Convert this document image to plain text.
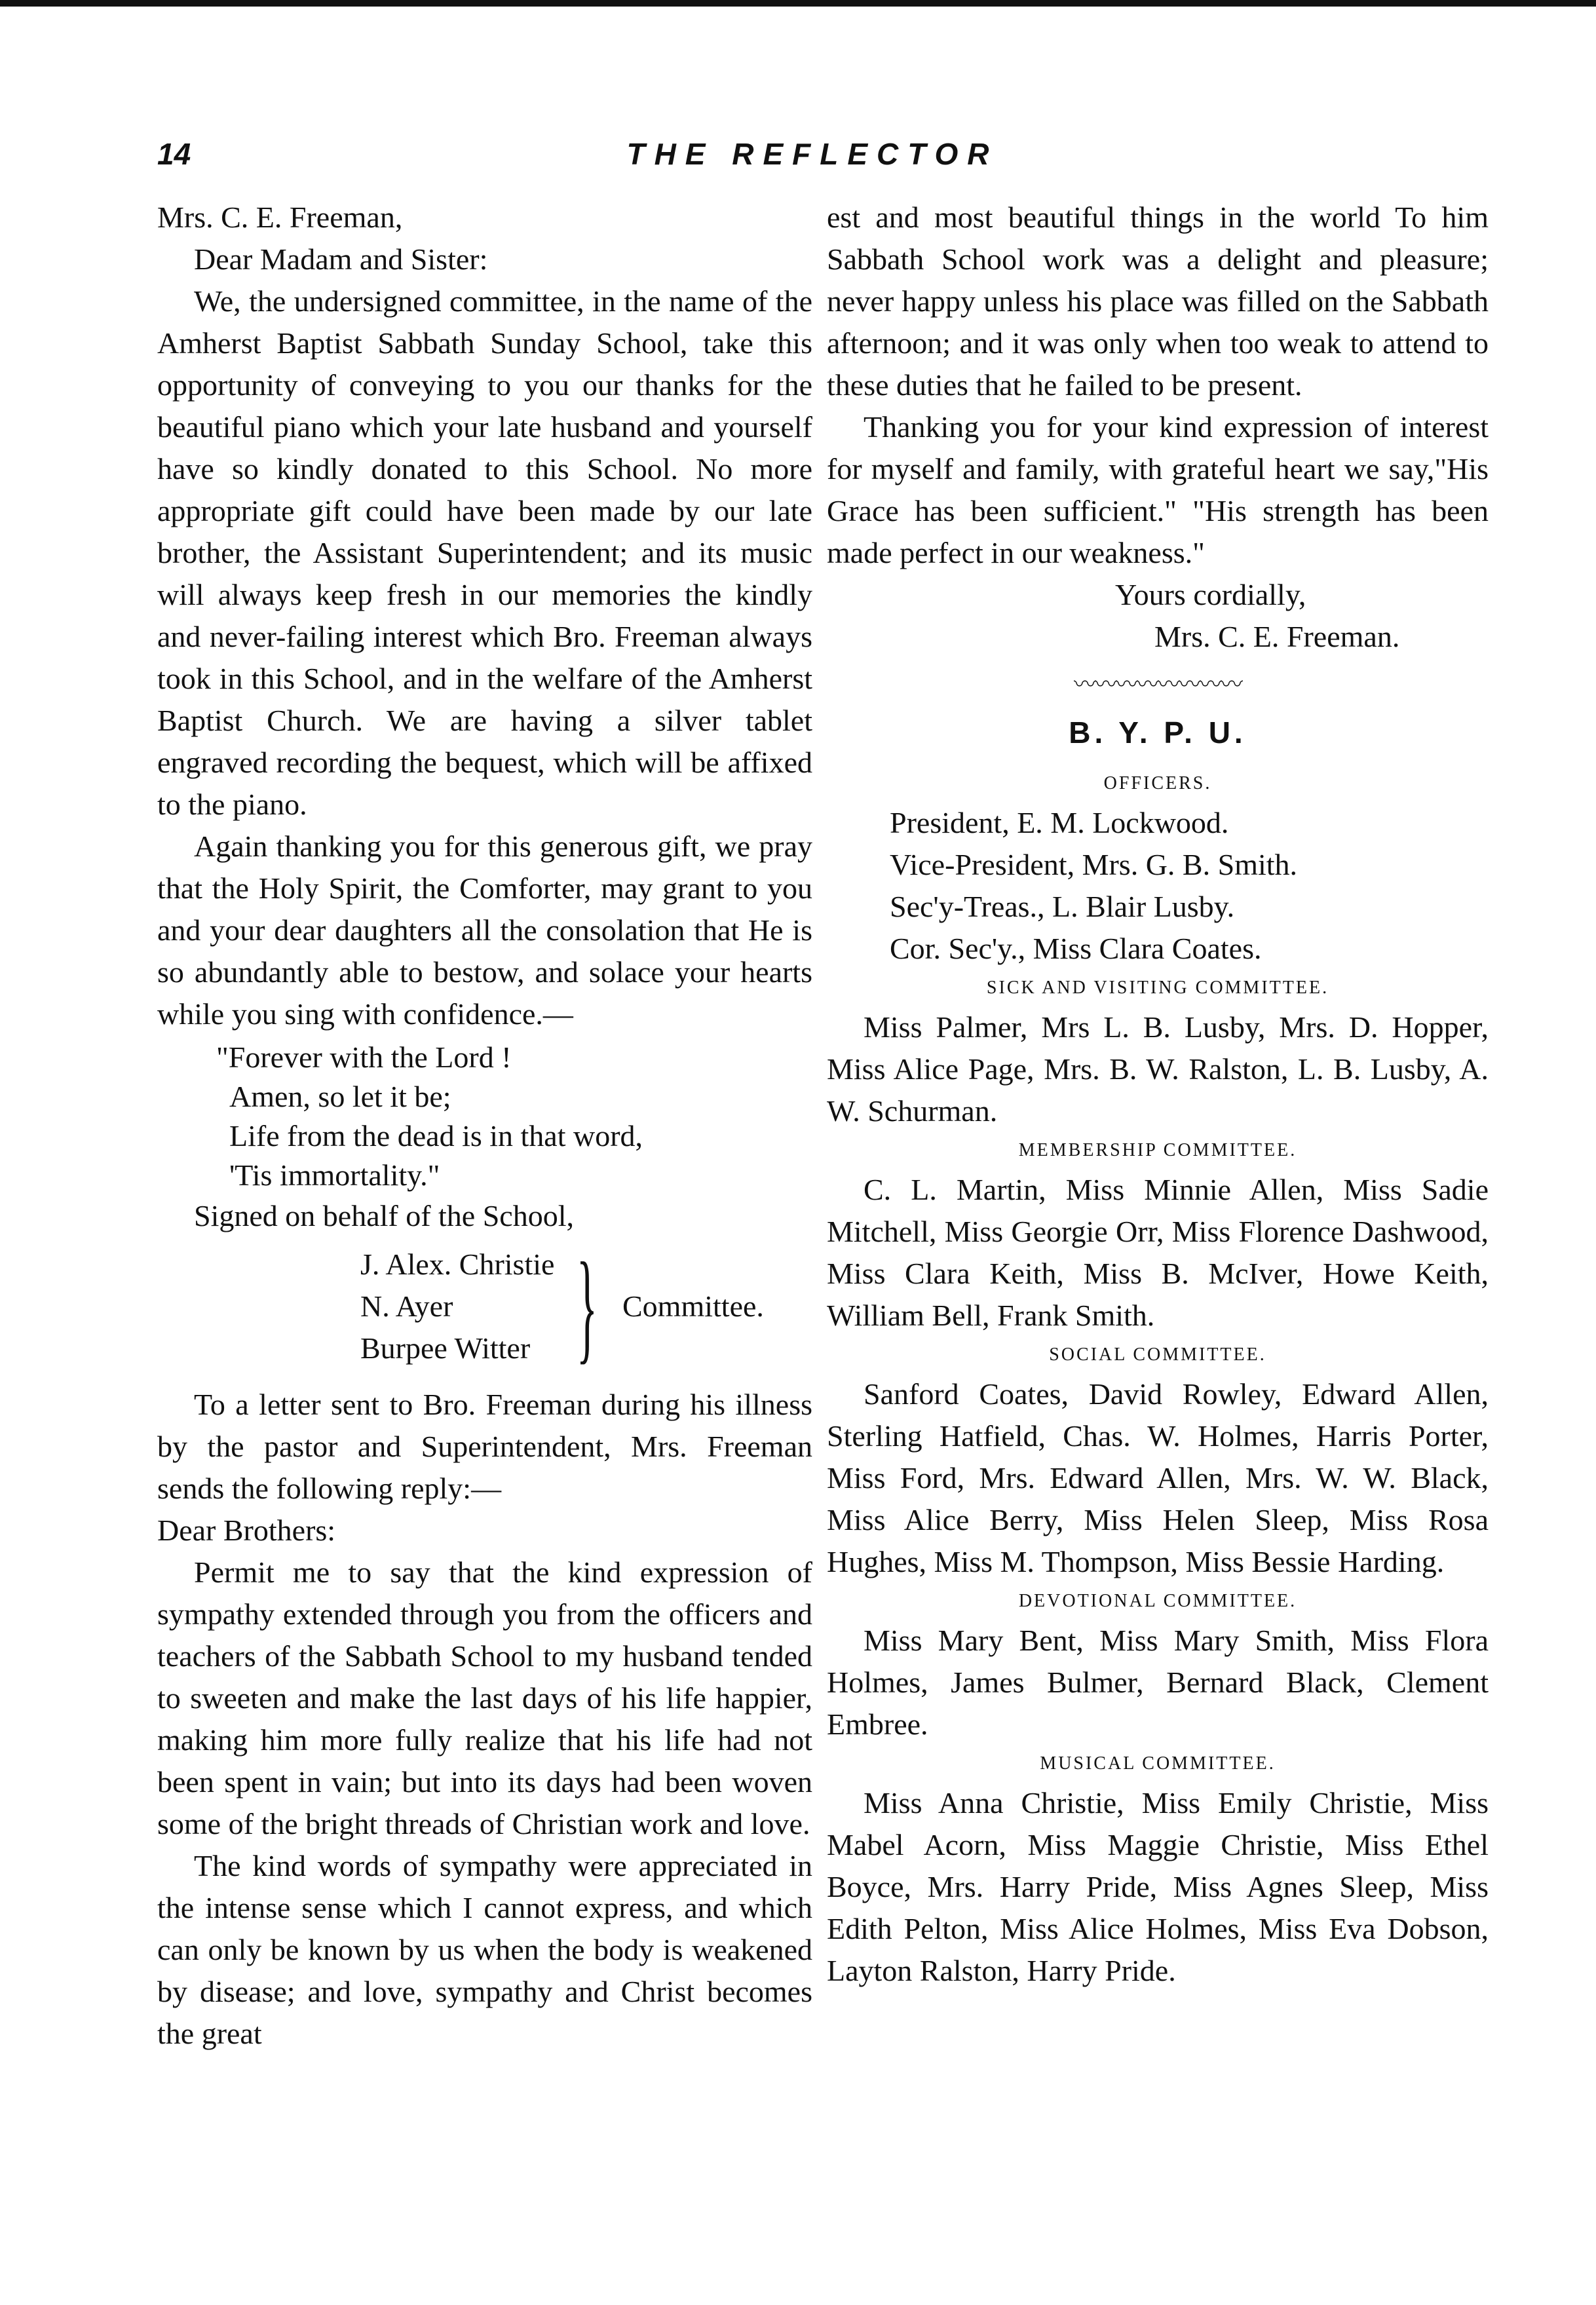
14	THE REFLECTOR

Mrs. C. E. Freeman,

Dear Madam and Sister:

We, the undersigned committee, in the name of the Amherst Baptist Sabbath Sunday School, take this opportunity of conveying to you our thanks for the beautiful piano which your late husband and yourself have so kindly donated to this School. No more appropriate gift could have been made by our late brother, the Assistant Superintendent; and its music will always keep fresh in our memories the kindly and never-failing interest which Bro. Freeman always took in this School, and in the welfare of the Amherst Baptist Church. We are having a silver tablet engraved recording the bequest, which will be affixed to the piano.

Again thanking you for this generous gift, we pray that the Holy Spirit, the Comforter, may grant to you and your dear daughters all the consolation that He is so abundantly able to bestow, and solace your hearts while you sing with confidence.—

"Forever with the Lord !
Amen, so let it be;
Life from the dead is in that word,
'Tis immortality."

Signed on behalf of the School,

J. Alex. Christie
N. Ayer
Burpee Witter } Committee.

To a letter sent to Bro. Freeman during his illness by the pastor and Superintendent, Mrs. Freeman sends the following reply:—

Dear Brothers:

Permit me to say that the kind expression of sympathy extended through you from the officers and teachers of the Sabbath School to my husband tended to sweeten and make the last days of his life happier, making him more fully realize that his life had not been spent in vain; but into its days had been woven some of the bright threads of Christian work and love.

The kind words of sympathy were appreciated in the intense sense which I cannot express, and which can only be known by us when the body is weakened by disease; and love, sympathy and Christ becomes the great

est and most beautiful things in the world To him Sabbath School work was a delight and pleasure; never happy unless his place was filled on the Sabbath afternoon; and it was only when too weak to attend to these duties that he failed to be present.

Thanking you for your kind expression of interest for myself and family, with grateful heart we say,"His Grace has been sufficient." "His strength has been made perfect in our weakness."

Yours cordially,
Mrs. C. E. Freeman.
〰〰〰〰〰〰〰〰
B. Y. P. U.
OFFICERS.
President, E. M. Lockwood.
Vice-President, Mrs. G. B. Smith.
Sec'y-Treas., L. Blair Lusby.
Cor. Sec'y., Miss Clara Coates.
SICK AND VISITING COMMITTEE.

Miss Palmer, Mrs L. B. Lusby, Mrs. D. Hopper, Miss Alice Page, Mrs. B. W. Ralston, L. B. Lusby, A. W. Schurman.

MEMBERSHIP COMMITTEE.

C. L. Martin, Miss Minnie Allen, Miss Sadie Mitchell, Miss Georgie Orr, Miss Florence Dashwood, Miss Clara Keith, Miss B. McIver, Howe Keith, William Bell, Frank Smith.

SOCIAL COMMITTEE.

Sanford Coates, David Rowley, Edward Allen, Sterling Hatfield, Chas. W. Holmes, Harris Porter, Miss Ford, Mrs. Edward Allen, Mrs. W. W. Black, Miss Alice Berry, Miss Helen Sleep, Miss Rosa Hughes, Miss M. Thompson, Miss Bessie Harding.

DEVOTIONAL COMMITTEE.

Miss Mary Bent, Miss Mary Smith, Miss Flora Holmes, James Bulmer, Bernard Black, Clement Embree.

MUSICAL COMMITTEE.

Miss Anna Christie, Miss Emily Christie, Miss Mabel Acorn, Miss Maggie Christie, Miss Ethel Boyce, Mrs. Harry Pride, Miss Agnes Sleep, Miss Edith Pelton, Miss Alice Holmes, Miss Eva Dobson, Layton Ralston, Harry Pride.
